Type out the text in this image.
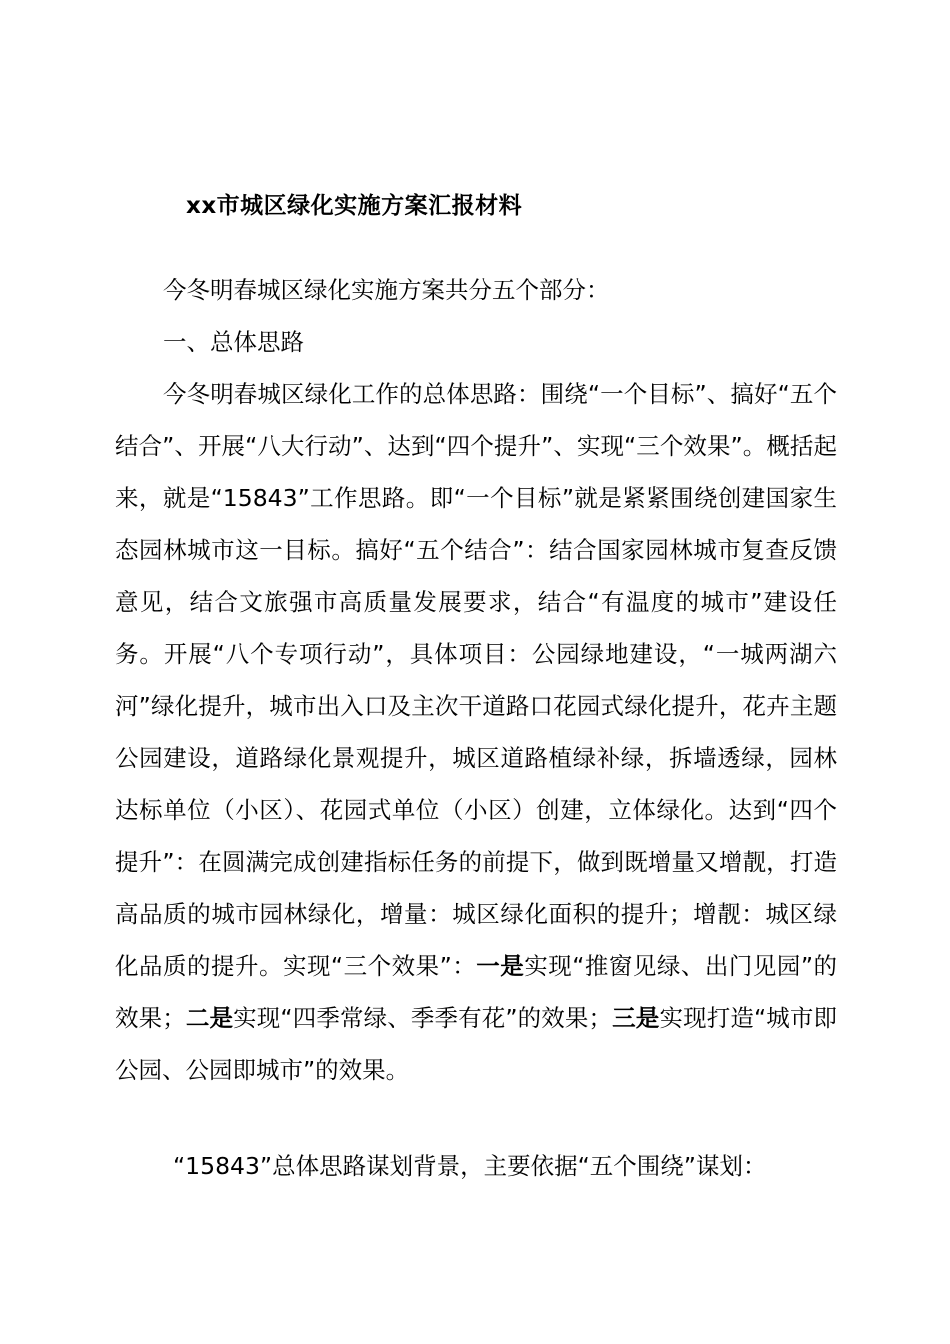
xx市城区绿化实施方案汇报材料

今冬明春城区绿化实施方案共分五个部分：

一、总体思路

今冬明春城区绿化工作的总体思路：围绕“一个目标”、搞好“五个结合”、开展“八大行动”、达到“四个提升”、实现“三个效果”。概括起来，就是“15843”工作思路。即“一个目标”就是紧紧围绕创建国家生态园林城市这一目标。搞好“五个结合”：结合国家园林城市复查反馈意见，结合文旅强市高质量发展要求，结合“有温度的城市”建设任务。开展“八个专项行动”，具体项目：公园绿地建设，“一城两湖六河”绿化提升，城市出入口及主次干道路口花园式绿化提升，花卉主题公园建设，道路绿化景观提升，城区道路植绿补绿，拆墙透绿，园林达标单位（小区）、花园式单位（小区）创建，立体绿化。达到“四个提升”：在圆满完成创建指标任务的前提下，做到既增量又增靓，打造高品质的城市园林绿化，增量：城区绿化面积的提升；增靓：城区绿化品质的提升。实现“三个效果”：一是实现“推窗见绿、出门见园”的效果；二是实现“四季常绿、季季有花”的效果；三是实现打造“城市即公园、公园即城市”的效果。

“15843”总体思路谋划背景，主要依据“五个围绕”谋划：
